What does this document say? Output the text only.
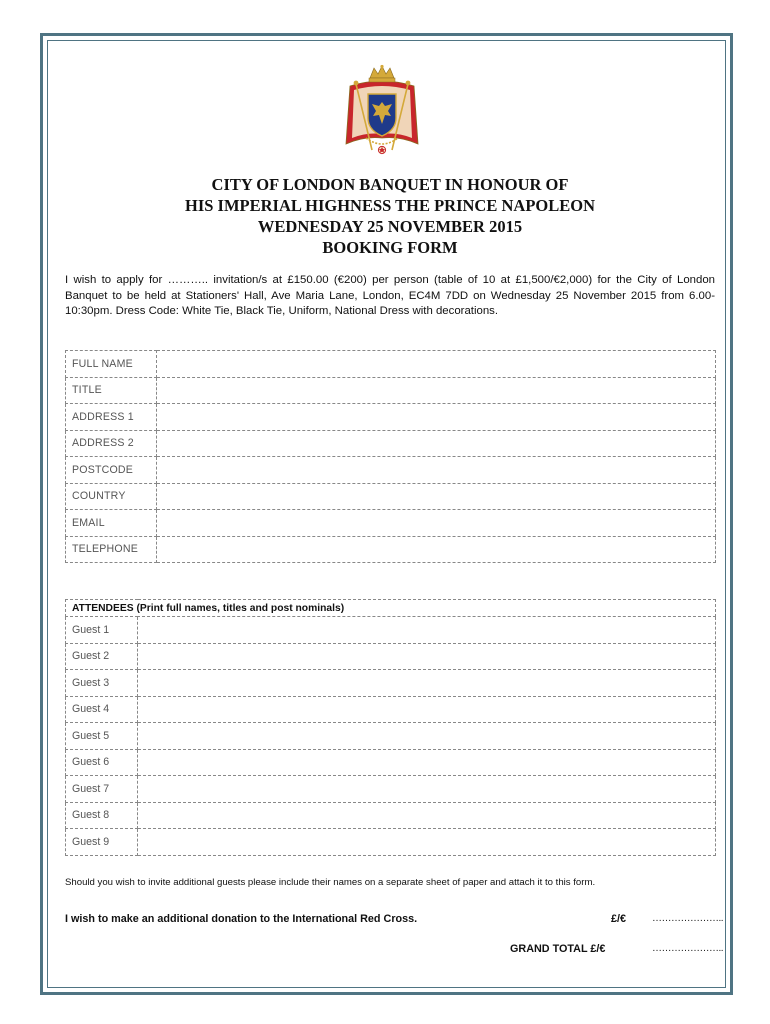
CITY OF LONDON BANQUET IN HONOUR OF
HIS IMPERIAL HIGHNESS THE PRINCE NAPOLEON
WEDNESDAY 25 NOVEMBER 2015
BOOKING FORM

I wish to apply for ……….. invitation/s at £150.00 (€200) per person (table of 10 at £1,500/€2,000) for the City of London Banquet to be held at Stationers' Hall, Ave Maria Lane, London, EC4M 7DD on Wednesday 25 November 2015 from 6.00-10:30pm. Dress Code: White Tie, Black Tie, Uniform, National Dress with decorations.

FULL NAME	
TITLE	
ADDRESS 1	
ADDRESS 2	
POSTCODE	
COUNTRY	
EMAIL	
TELEPHONE	
ATTENDEES (Print full names, titles and post nominals)	
Guest 1	
Guest 2	
Guest 3	
Guest 4	
Guest 5	
Guest 6	
Guest 7	
Guest 8	
Guest 9	

Should you wish to invite additional guests please include their names on a separate sheet of paper and attach it to this form.

I wish to make an additional donation to the International Red Cross.	£/€	…………………..
GRAND TOTAL £/€	…………………..
